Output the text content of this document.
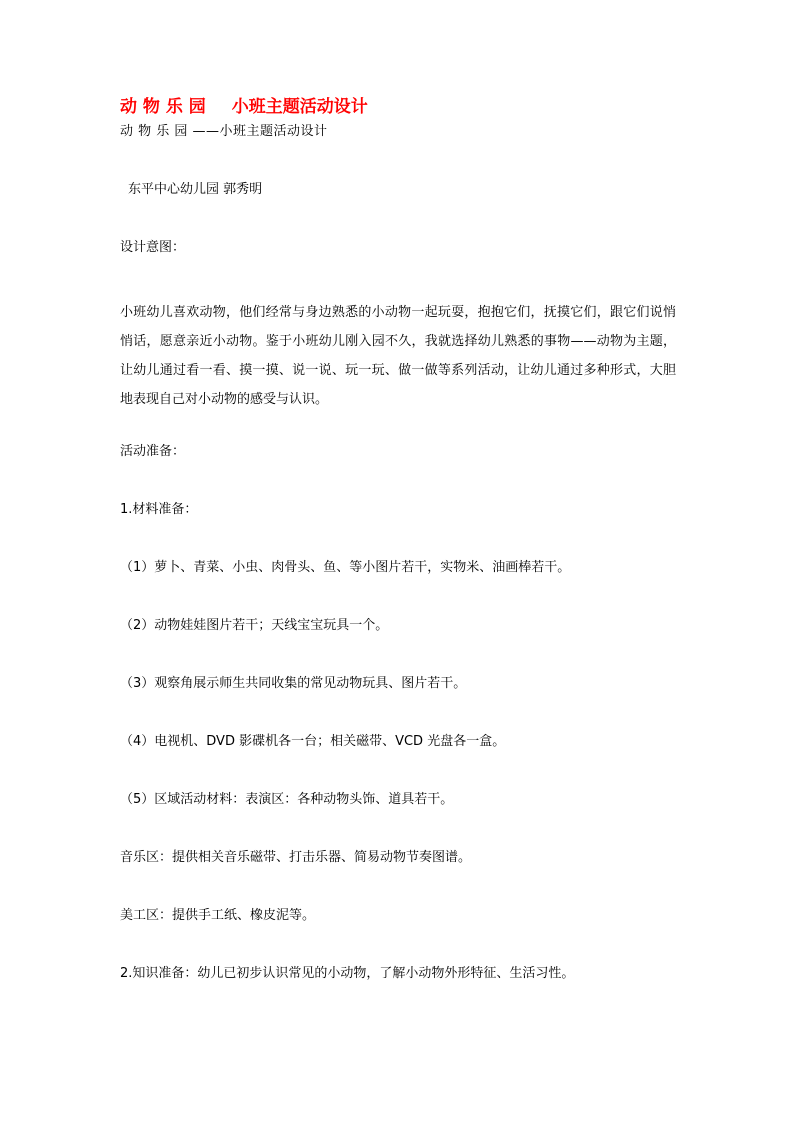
动 物 乐 园 小班主题活动设计
动 物 乐 园 ——小班主题活动设计
东平中心幼儿园 郭秀明
设计意图：
小班幼儿喜欢动物，他们经常与身边熟悉的小动物一起玩耍，抱抱它们，抚摸它们，跟它们说悄悄话，愿意亲近小动物。鉴于小班幼儿刚入园不久，我就选择幼儿熟悉的事物——动物为主题，让幼儿通过看一看、摸一摸、说一说、玩一玩、做一做等系列活动，让幼儿通过多种形式，大胆地表现自己对小动物的感受与认识。
活动准备：
1.材料准备：
（1）萝卜、青菜、小虫、肉骨头、鱼、等小图片若干，实物米、油画棒若干。
（2）动物娃娃图片若干；天线宝宝玩具一个。
（3）观察角展示师生共同收集的常见动物玩具、图片若干。
（4）电视机、DVD 影碟机各一台；相关磁带、VCD 光盘各一盒。
（5）区域活动材料：表演区：各种动物头饰、道具若干。
音乐区：提供相关音乐磁带、打击乐器、简易动物节奏图谱。
美工区：提供手工纸、橡皮泥等。
2.知识准备：幼儿已初步认识常见的小动物，了解小动物外形特征、生活习性。
